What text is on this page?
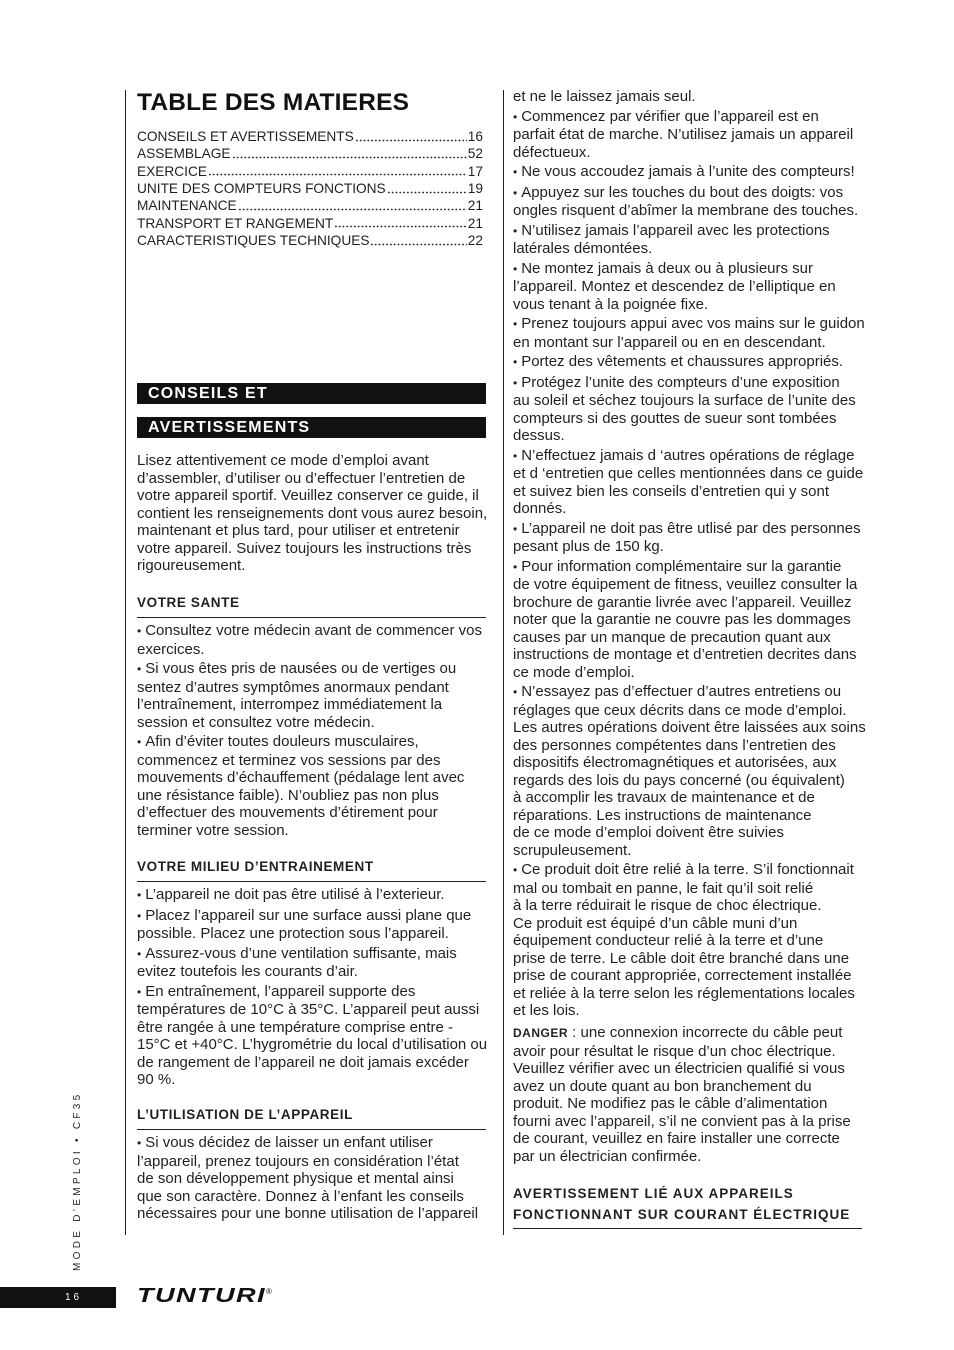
TABLE DES MATIERES
CONSEILS ET AVERTISSEMENTS	16
ASSEMBLAGE	52
EXERCICE	17
UNITE DES COMPTEURS FONCTIONS	19
MAINTENANCE	21
TRANSPORT ET RANGEMENT	21
CARACTERISTIQUES TECHNIQUES	22
CONSEILS ET
AVERTISSEMENTS

Lisez attentivement ce mode d’emploi avant
d’assembler, d’utiliser ou d’effectuer l’entretien de
votre appareil sportif. Veuillez conserver ce guide, il
contient les renseignements dont vous aurez besoin,
maintenant et plus tard, pour utiliser et entretenir
votre appareil. Suivez toujours les instructions très
rigoureusement.

VOTRE SANTE
• Consultez votre médecin avant de commencer vos
exercices.
• Si vous êtes pris de nausées ou de vertiges ou
sentez d’autres symptômes anormaux pendant
l’entraînement, interrompez immédiatement la
session et consultez votre médecin.
• Afin d’éviter toutes douleurs musculaires,
commencez et terminez vos sessions par des
mouvements d’échauffement (pédalage lent avec
une résistance faible). N’oubliez pas non plus
d’effectuer des mouvements d’étirement pour
terminer votre session.
VOTRE MILIEU D’ENTRAINEMENT
• L’appareil ne doit pas être utilisé à l’exterieur.
• Placez l’appareil sur une surface aussi plane que
possible. Placez une protection sous l’appareil.
• Assurez-vous d’une ventilation suffisante, mais
evitez toutefois les courants d’air.
• En entraînement, l’appareil supporte des
températures de 10°C à 35°C. L’appareil peut aussi
être rangée à une température comprise entre -
15°C et +40°C. L’hygrométrie du local d’utilisation ou
de rangement de l’appareil ne doit jamais excéder
90 %.
L’UTILISATION DE L’APPAREIL
• Si vous décidez de laisser un enfant utiliser
l’appareil, prenez toujours en considération l’état
de son développement physique et mental ainsi
que son caractère. Donnez à l’enfant les conseils
nécessaires pour une bonne utilisation de l’appareil

et ne le laissez jamais seul.

• Commencez par vérifier que l’appareil est en
parfait état de marche. N’utilisez jamais un appareil
défectueux.
• Ne vous accoudez jamais à l’unite des compteurs!
• Appuyez sur les touches du bout des doigts: vos
ongles risquent d’abîmer la membrane des touches.
• N’utilisez jamais l’appareil avec les protections
latérales démontées.
• Ne montez jamais à deux ou à plusieurs sur
l’appareil. Montez et descendez de l’elliptique en
vous tenant à la poignée fixe.
• Prenez toujours appui avec vos mains sur le guidon
en montant sur l’appareil ou en en descendant.
• Portez des vêtements et chaussures appropriés.
• Protégez l’unite des compteurs d’une exposition
au soleil et séchez toujours la surface de l’unite des
compteurs si des gouttes de sueur sont tombées
dessus.
• N’effectuez jamais d ‘autres opérations de réglage
et d ‘entretien que celles mentionnées dans ce guide
et suivez bien les conseils d’entretien qui y sont
donnés.
• L’appareil ne doit pas être utlisé par des personnes
pesant plus de 150 kg.
• Pour information complémentaire sur la garantie
de votre équipement de fitness, veuillez consulter la
brochure de garantie livrée avec l’appareil. Veuillez
noter que la garantie ne couvre pas les dommages
causes par un manque de precaution quant aux
instructions de montage et d’entretien decrites dans
ce mode d’emploi.
• N’essayez pas d’effectuer d’autres entretiens ou
réglages que ceux décrits dans ce mode d’emploi.
Les autres opérations doivent être laissées aux soins
des personnes compétentes dans l’entretien des
dispositifs électromagnétiques et autorisées, aux
regards des lois du pays concerné (ou équivalent)
à accomplir les travaux de maintenance et de
réparations. Les instructions de maintenance
de ce mode d’emploi doivent être suivies
scrupuleusement.
• Ce produit doit être relié à la terre. S’il fonctionnait
mal ou tombait en panne, le fait qu’il soit relié
à la terre réduirait le risque de choc électrique.
Ce produit est équipé d’un câble muni d’un
équipement conducteur relié à la terre et d’une
prise de terre. Le câble doit être branché dans une
prise de courant appropriée, correctement installée
et reliée à la terre selon les réglementations locales
et les lois.

DANGER : une connexion incorrecte du câble peut
avoir pour résultat le risque d’un choc électrique.
Veuillez vérifier avec un électricien qualifié si vous
avez un doute quant au bon branchement du
produit. Ne modifiez pas le câble d’alimentation
fourni avec l’appareil, s’il ne convient pas à la prise
de courant, veuillez en faire installer une correcte
par un électrician confirmée.

AVERTISSEMENT LIÉ AUX APPAREILS
FONCTIONNANT SUR COURANT ÉLECTRIQUE
MODE D’EMPLOI • CF35
16	TUNTURI ®
